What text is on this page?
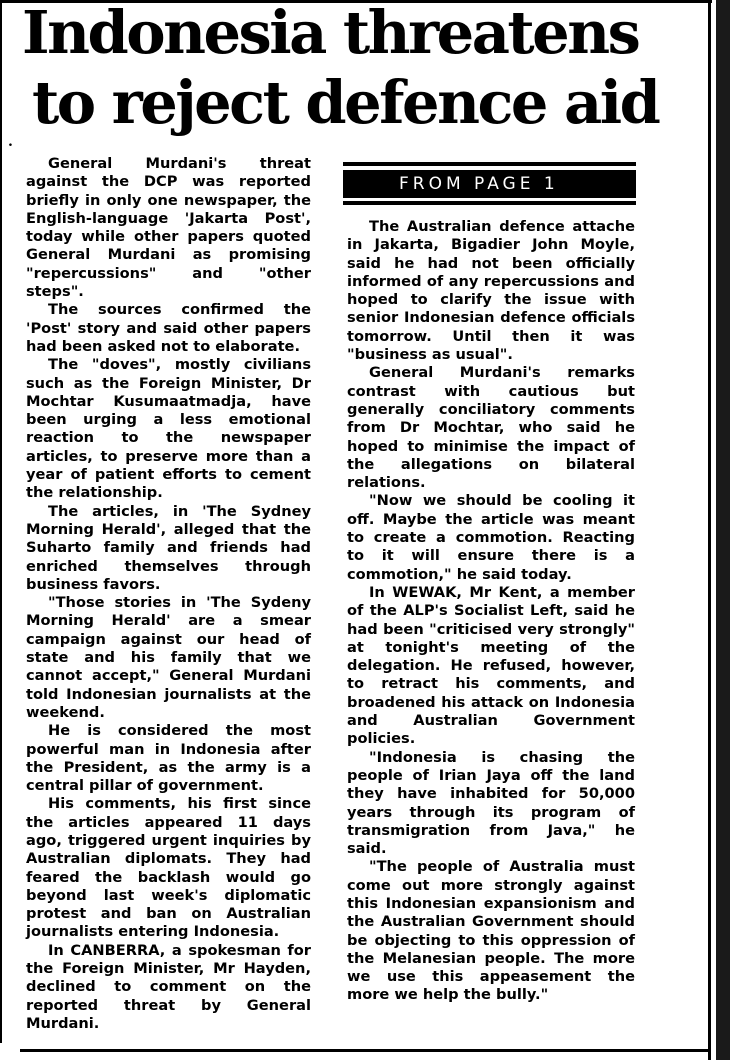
Indonesia threatens
to reject defence aid
.

General Murdani's threat against the DCP was reported briefly in only one newspaper, the English-language 'Jakarta Post', today while other papers quoted General Murdani as promising "repercussions" and "other steps".

The sources confirmed the 'Post' story and said other papers had been asked not to elaborate.

The "doves", mostly civilians such as the Foreign Minister, Dr Mochtar Kusumaatmadja, have been urging a less emotional reaction to the newspaper articles, to preserve more than a year of patient efforts to cement the relationship.

The articles, in 'The Sydney Morning Herald', alleged that the Suharto family and friends had enriched themselves through business favors.

"Those stories in 'The Sydeny Morning Herald' are a smear campaign against our head of state and his family that we cannot accept," General Murdani told Indonesian journalists at the weekend.

He is considered the most powerful man in Indonesia after the President, as the army is a central pillar of government.

His comments, his first since the articles appeared 11 days ago, triggered urgent inquiries by Australian diplomats. They had feared the backlash would go beyond last week's diplomatic protest and ban on Australian journalists entering Indonesia.

In CANBERRA, a spokesman for the Foreign Minister, Mr Hayden, declined to comment on the reported threat by General Murdani.

FROM PAGE 1

The Australian defence attache in Jakarta, Bigadier John Moyle, said he had not been officially informed of any repercussions and hoped to clarify the issue with senior Indonesian defence officials tomorrow. Until then it was "business as usual".

General Murdani's remarks contrast with cautious but generally conciliatory comments from Dr Mochtar, who said he hoped to minimise the impact of the allegations on bilateral relations.

"Now we should be cooling it off. Maybe the article was meant to create a commotion. Reacting to it will ensure there is a commotion," he said today.

In WEWAK, Mr Kent, a member of the ALP's Socialist Left, said he had been "criticised very strongly" at tonight's meeting of the delegation. He refused, however, to retract his comments, and broadened his attack on Indonesia and Australian Government policies.

"Indonesia is chasing the people of Irian Jaya off the land they have inhabited for 50,000 years through its program of transmigration from Java," he said.

"The people of Australia must come out more strongly against this Indonesian expansionism and the Australian Government should be objecting to this oppression of the Melanesian people. The more we use this appeasement the more we help the bully."
